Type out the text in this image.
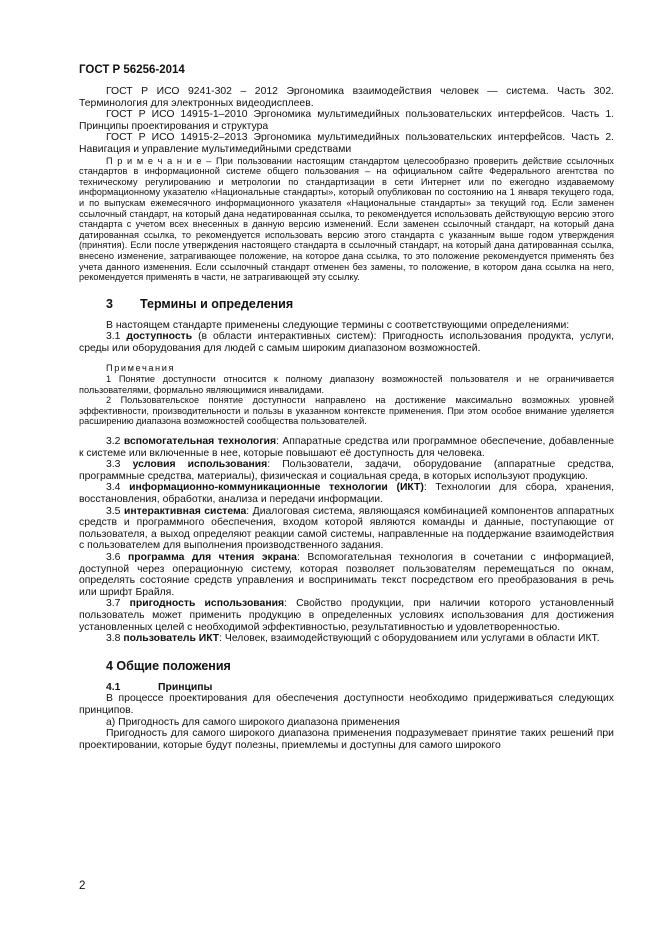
ГОСТ Р 56256-2014

ГОСТ Р ИСО 9241-302 – 2012 Эргономика взаимодействия человек — система. Часть 302. Терминология для электронных видеодисплеев.

ГОСТ Р ИСО 14915-1–2010 Эргономика мультимедийных пользовательских интерфейсов. Часть 1. Принципы проектирования и структура

ГОСТ Р ИСО 14915-2–2013 Эргономика мультимедийных пользовательских интерфейсов. Часть 2. Навигация и управление мультимедийными средствами

П р и м е ч а н и е – При пользовании настоящим стандартом целесообразно проверить действие ссылочных стандартов в информационной системе общего пользования – на официальном сайте Федерального агентства по техническому регулированию и метрологии по стандартизации в сети Интернет или по ежегодно издаваемому информационному указателю «Национальные стандарты», который опубликован по состоянию на 1 января текущего года, и по выпускам ежемесячного информационного указателя «Национальные стандарты» за текущий год. Если заменен ссылочный стандарт, на который дана недатированная ссылка, то рекомендуется использовать действующую версию этого стандарта с учетом всех внесенных в данную версию изменений. Если заменен ссылочный стандарт, на который дана датированная ссылка, то рекомендуется использовать версию этого стандарта с указанным выше годом утверждения (принятия). Если после утверждения настоящего стандарта в ссылочный стандарт, на который дана датированная ссылка, внесено изменение, затрагивающее положение, на которое дана ссылка, то это положение рекомендуется применять без учета данного изменения. Если ссылочный стандарт отменен без замены, то положение, в котором дана ссылка на него, рекомендуется применять в части, не затрагивающей эту ссылку.

3 Термины и определения

В настоящем стандарте применены следующие термины с соответствующими определениями:

3.1 доступность (в области интерактивных систем): Пригодность использования продукта, услуги, среды или оборудования для людей с самым широким диапазоном возможностей.

Примечания

1 Понятие доступности относится к полному диапазону возможностей пользователя и не ограничивается пользователями, формально являющимися инвалидами.

2 Пользовательское понятие доступности направлено на достижение максимально возможных уровней эффективности, производительности и пользы в указанном контексте применения. При этом особое внимание уделяется расширению диапазона возможностей сообщества пользователей.

3.2 вспомогательная технология: Аппаратные средства или программное обеспечение, добавленные к системе или включенные в нее, которые повышают её доступность для человека.

3.3 условия использования: Пользователи, задачи, оборудование (аппаратные средства, программные средства, материалы), физическая и социальная среда, в которых используют продукцию.

3.4 информационно-коммуникационные технологии (ИКТ): Технологии для сбора, хранения, восстановления, обработки, анализа и передачи информации.

3.5 интерактивная система: Диалоговая система, являющаяся комбинацией компонентов аппаратных средств и программного обеспечения, входом которой являются команды и данные, поступающие от пользователя, а выход определяют реакции самой системы, направленные на поддержание взаимодействия с пользователем для выполнения производственного задания.

3.6 программа для чтения экрана: Вспомогательная технология в сочетании с информацией, доступной через операционную систему, которая позволяет пользователям перемещаться по окнам, определять состояние средств управления и воспринимать текст посредством его преобразования в речь или шрифт Брайля.

3.7 пригодность использования: Свойство продукции, при наличии которого установленный пользователь может применить продукцию в определенных условиях использования для достижения установленных целей с необходимой эффективностью, результативностью и удовлетворенностью.

3.8 пользователь ИКТ: Человек, взаимодействующий с оборудованием или услугами в области ИКТ.

4 Общие положения

4.1	Принципы

В процессе проектирования для обеспечения доступности необходимо придерживаться следующих принципов.

а) Пригодность для самого широкого диапазона применения

Пригодность для самого широкого диапазона применения подразумевает принятие таких решений при проектировании, которые будут полезны, приемлемы и доступны для самого широкого

2
